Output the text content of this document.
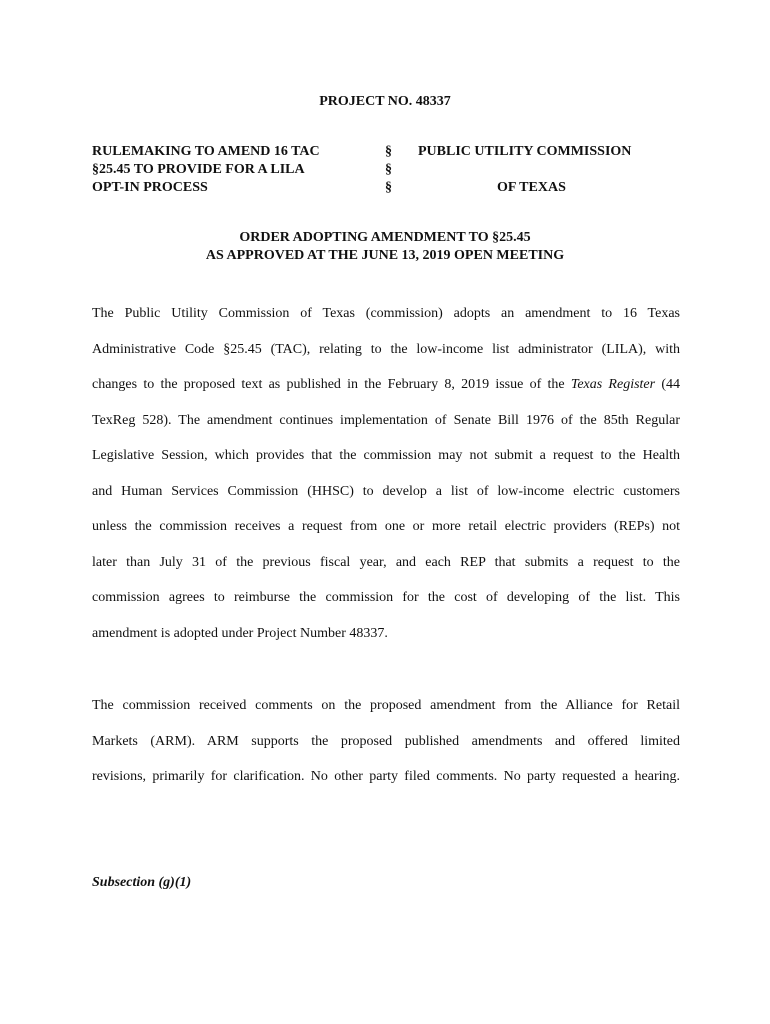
PROJECT NO. 48337
RULEMAKING TO AMEND 16 TAC
§25.45 TO PROVIDE FOR A LILA
OPT-IN PROCESS
§
§
§
PUBLIC UTILITY COMMISSION
OF TEXAS
ORDER ADOPTING AMENDMENT TO §25.45
AS APPROVED AT THE JUNE 13, 2019 OPEN MEETING
The Public Utility Commission of Texas (commission) adopts an amendment to 16 Texas
Administrative Code §25.45 (TAC), relating to the low-income list administrator (LILA), with
changes to the proposed text as published in the February 8, 2019 issue of the Texas Register (44
TexReg 528). The amendment continues implementation of Senate Bill 1976 of the 85th Regular
Legislative Session, which provides that the commission may not submit a request to the Health
and Human Services Commission (HHSC) to develop a list of low-income electric customers
unless the commission receives a request from one or more retail electric providers (REPs) not
later than July 31 of the previous fiscal year, and each REP that submits a request to the
commission agrees to reimburse the commission for the cost of developing of the list. This
amendment is adopted under Project Number 48337.
The commission received comments on the proposed amendment from the Alliance for Retail
Markets (ARM). ARM supports the proposed published amendments and offered limited
revisions, primarily for clarification. No other party filed comments. No party requested a hearing.
Subsection (g)(1)
